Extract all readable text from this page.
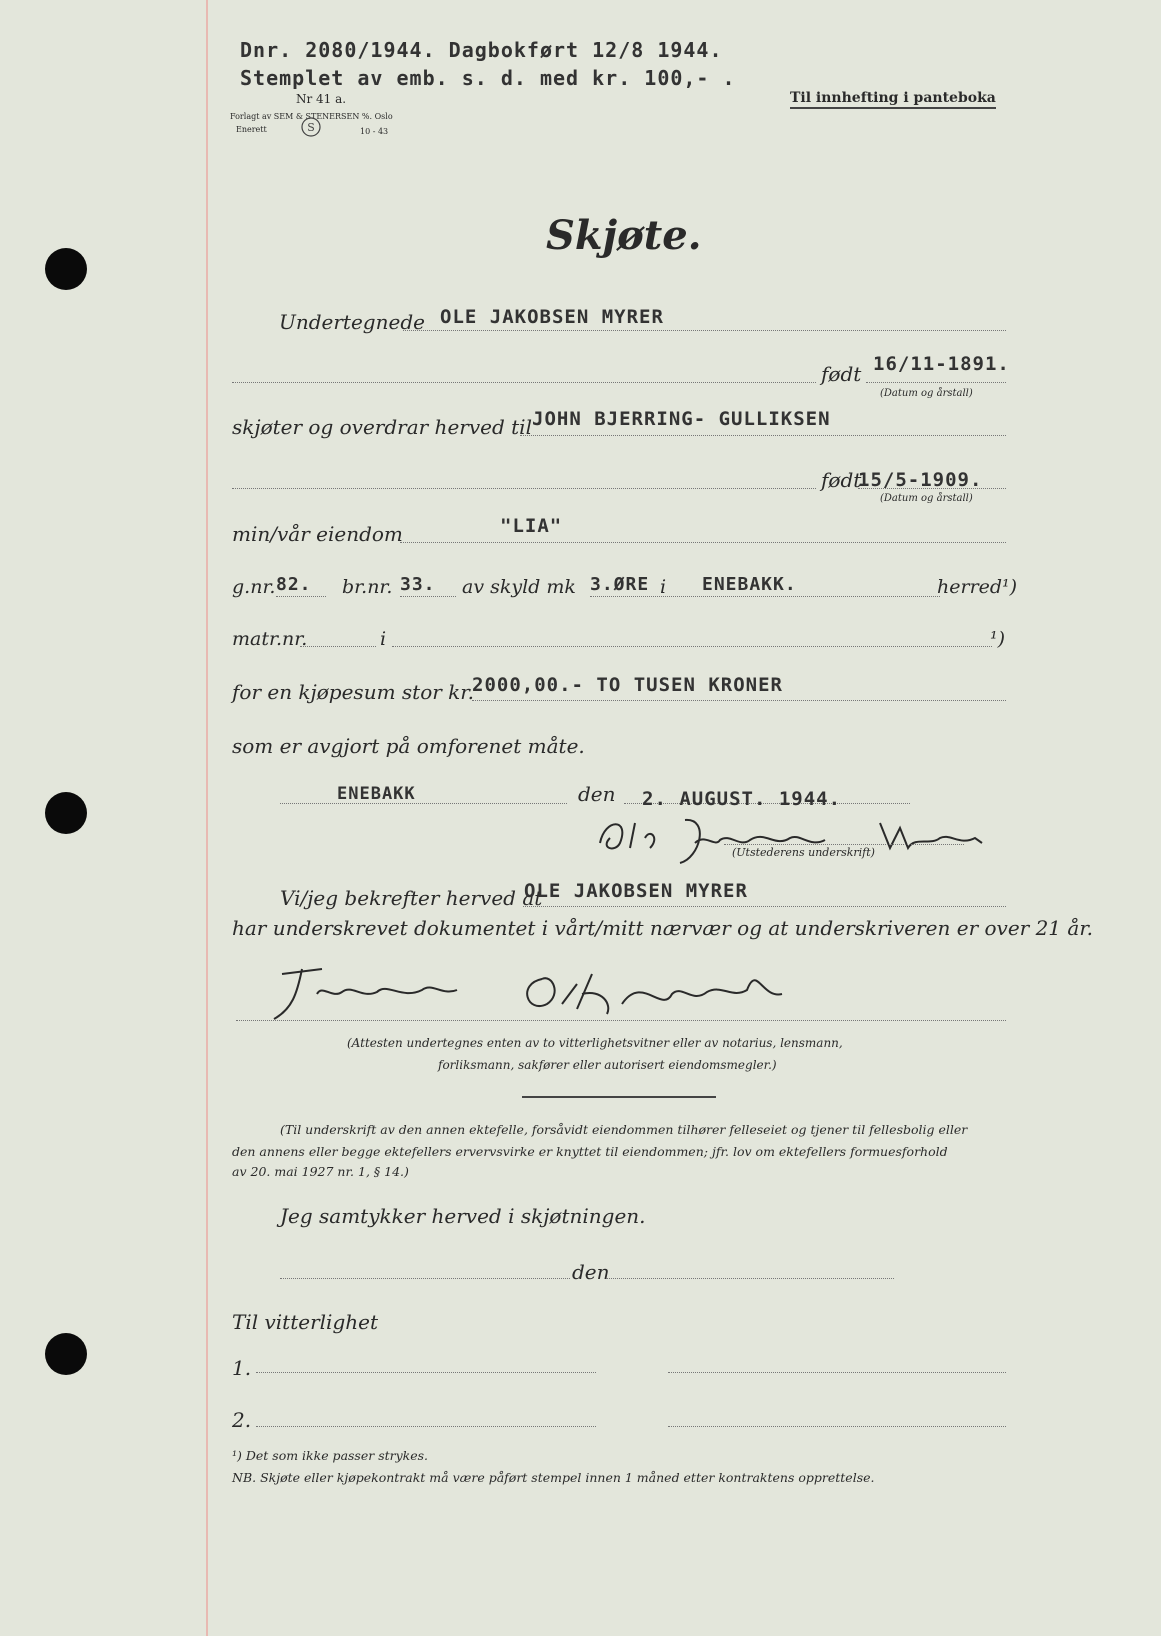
Dnr. 2080/1944. Dagbokført 12/8 1944.
Stemplet av emb. s. d. med kr. 100,- .
Nr 41 a.
Forlagt av SEM & STENERSEN %. Oslo
Enerett	S	10 - 43
Til innhefting i panteboka
Skjøte.
Undertegnede OLE JAKOBSEN MYRER
født 16/11-1891.
(Datum og årstall)
skjøter og overdrar herved til JOHN BJERRING- GULLIKSEN
født
15/5-1909.
(Datum og årstall)
min/vår eiendom	"LIA"
g.nr. 82. br.nr. 33. av skyld mk 3.ØRE i ENEBAKK.	herred¹)
matr.nr.	i	¹)
for en kjøpesum stor kr.
2000,00.- TO TUSEN KRONER
som er avgjort på omforenet måte.
ENEBAKK	den 2. AUGUST. 1944.
(Utstederens underskrift)
Vi/jeg bekrefter herved at
OLE JAKOBSEN MYRER
har underskrevet dokumentet i vårt/mitt nærvær og at underskriveren er over 21 år.
(Attesten undertegnes enten av to vitterlighetsvitner eller av notarius, lensmann,
forliksmann, sakfører eller autorisert eiendomsmegler.)
(Til underskrift av den annen ektefelle, forsåvidt eiendommen tilhører felleseiet og tjener til fellesbolig eller
den annens eller begge ektefellers ervervsvirke er knyttet til eiendommen; jfr. lov om ektefellers formuesforhold
av 20. mai 1927 nr. 1, § 14.)
Jeg samtykker herved i skjøtningen.
den
Til vitterlighet
1.
2.
¹) Det som ikke passer strykes.
NB. Skjøte eller kjøpekontrakt må være påført stempel innen 1 måned etter kontraktens opprettelse.
